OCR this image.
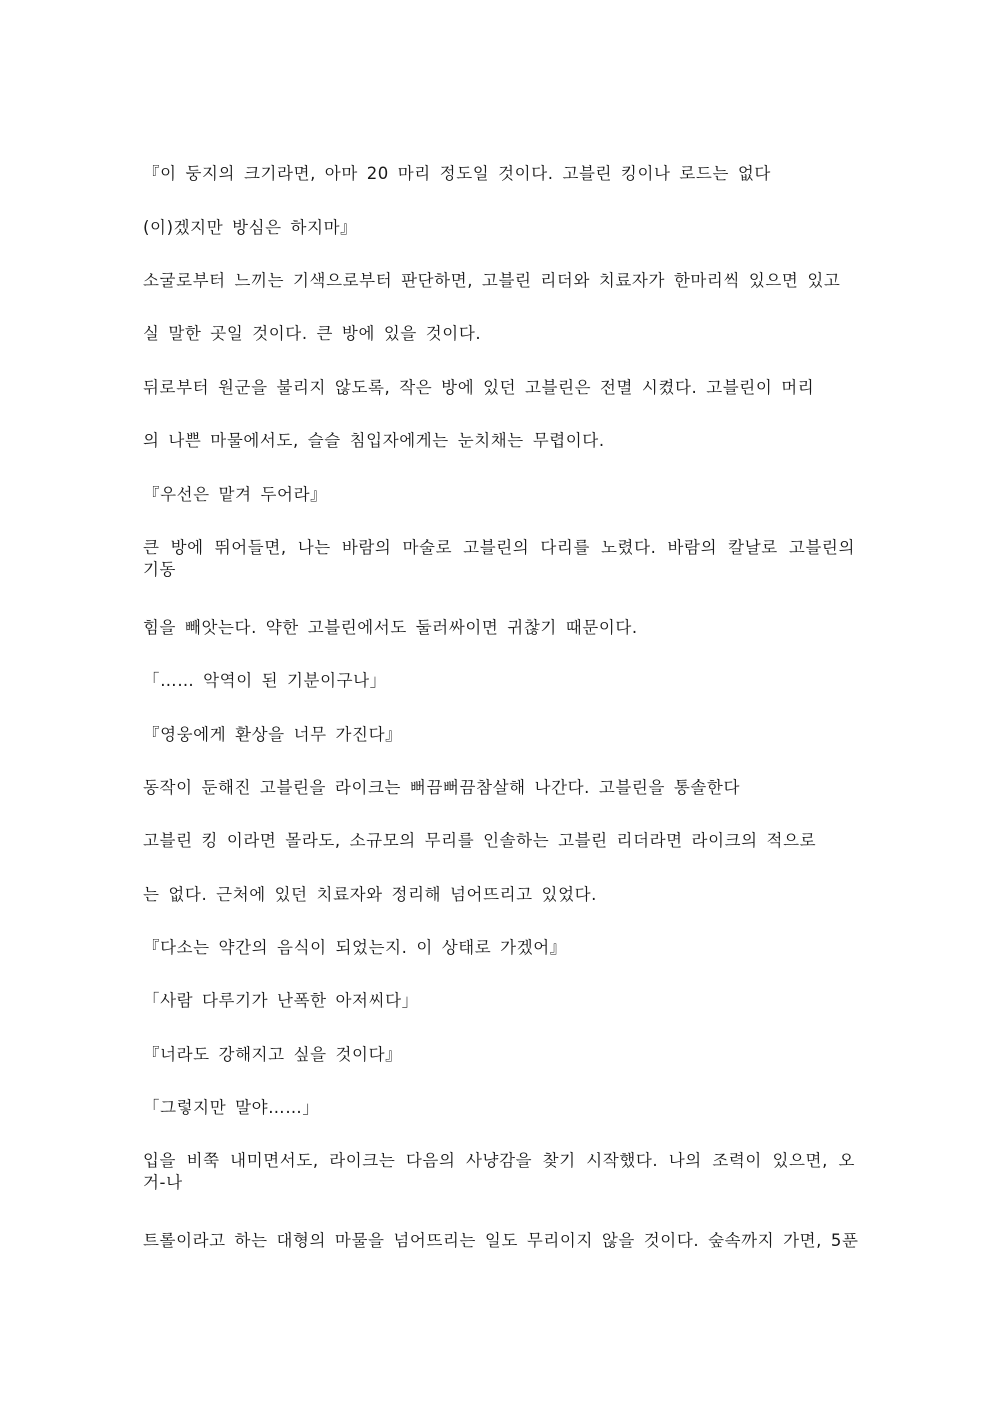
『이 둥지의 크기라면, 아마 20 마리 정도일 것이다. 고블린 킹이나 로드는 없다
(이)겠지만 방심은 하지마』
소굴로부터 느끼는 기색으로부터 판단하면, 고블린 리더와 치료자가 한마리씩 있으면 있고
실 말한 곳일 것이다. 큰 방에 있을 것이다.
뒤로부터 원군을 불리지 않도록, 작은 방에 있던 고블린은 전멸 시켰다. 고블린이 머리
의 나쁜 마물에서도, 슬슬 침입자에게는 눈치채는 무렵이다.
『우선은 맡겨 두어라』
큰 방에 뛰어들면, 나는 바람의 마술로 고블린의 다리를 노렸다. 바람의 칼날로 고블린의 기동
힘을 빼앗는다. 약한 고블린에서도 둘러싸이면 귀찮기 때문이다.
「…… 악역이 된 기분이구나」
『영웅에게 환상을 너무 가진다』
동작이 둔해진 고블린을 라이크는 뻐끔뻐끔참살해 나간다. 고블린을 통솔한다
고블린 킹 이라면 몰라도, 소규모의 무리를 인솔하는 고블린 리더라면 라이크의 적으로
는 없다. 근처에 있던 치료자와 정리해 넘어뜨리고 있었다.
『다소는 약간의 음식이 되었는지. 이 상태로 가겠어』
「사람 다루기가 난폭한 아저씨다」
『너라도 강해지고 싶을 것이다』
「그렇지만 말야……」
입을 비쭉 내미면서도, 라이크는 다음의 사냥감을 찾기 시작했다. 나의 조력이 있으면, 오거-나
트롤이라고 하는 대형의 마물을 넘어뜨리는 일도 무리이지 않을 것이다. 숲속까지 가면, 5푼
